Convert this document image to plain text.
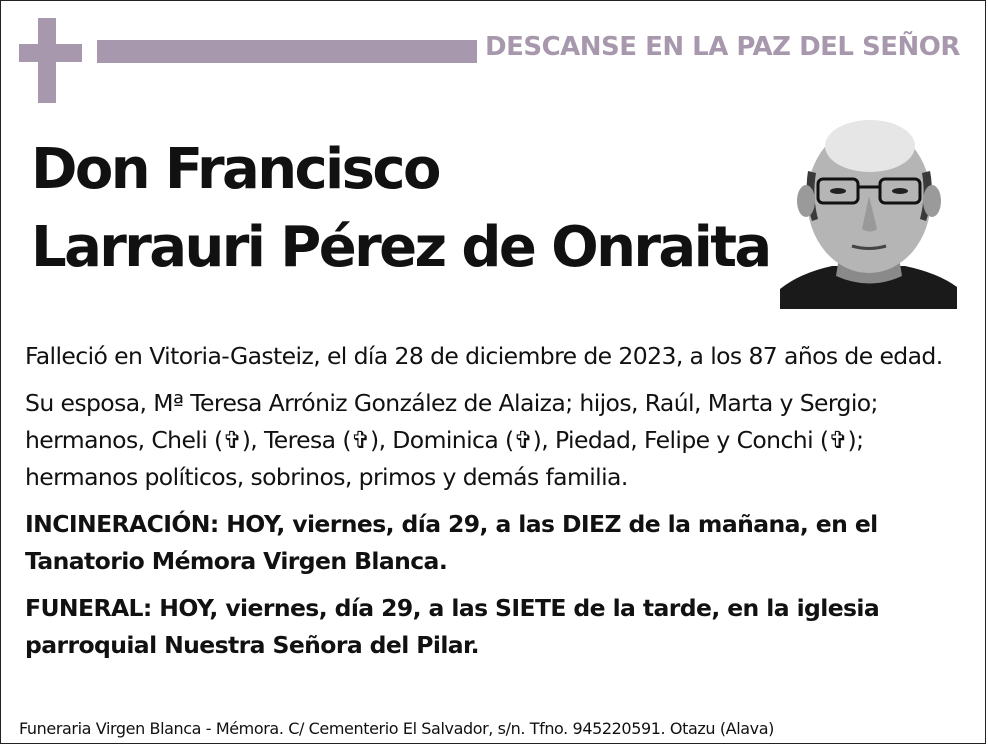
DESCANSE EN LA PAZ DEL SEÑOR
Don Francisco
Larrauri Pérez de Onraita

Falleció en Vitoria-Gasteiz, el día 28 de diciembre de 2023, a los 87 años de edad.

Su esposa, Mª Teresa Arróniz González de Alaiza; hijos, Raúl, Marta y Sergio; hermanos, Cheli (✞), Teresa (✞), Dominica (✞), Piedad, Felipe y Conchi (✞); hermanos políticos, sobrinos, primos y demás familia.

INCINERACIÓN: HOY, viernes, día 29, a las DIEZ de la mañana, en el Tanatorio Mémora Virgen Blanca.

FUNERAL: HOY, viernes, día 29, a las SIETE de la tarde, en la iglesia parroquial Nuestra Señora del Pilar.

Funeraria Virgen Blanca - Mémora. C/ Cementerio El Salvador, s/n. Tfno. 945220591. Otazu (Alava)
